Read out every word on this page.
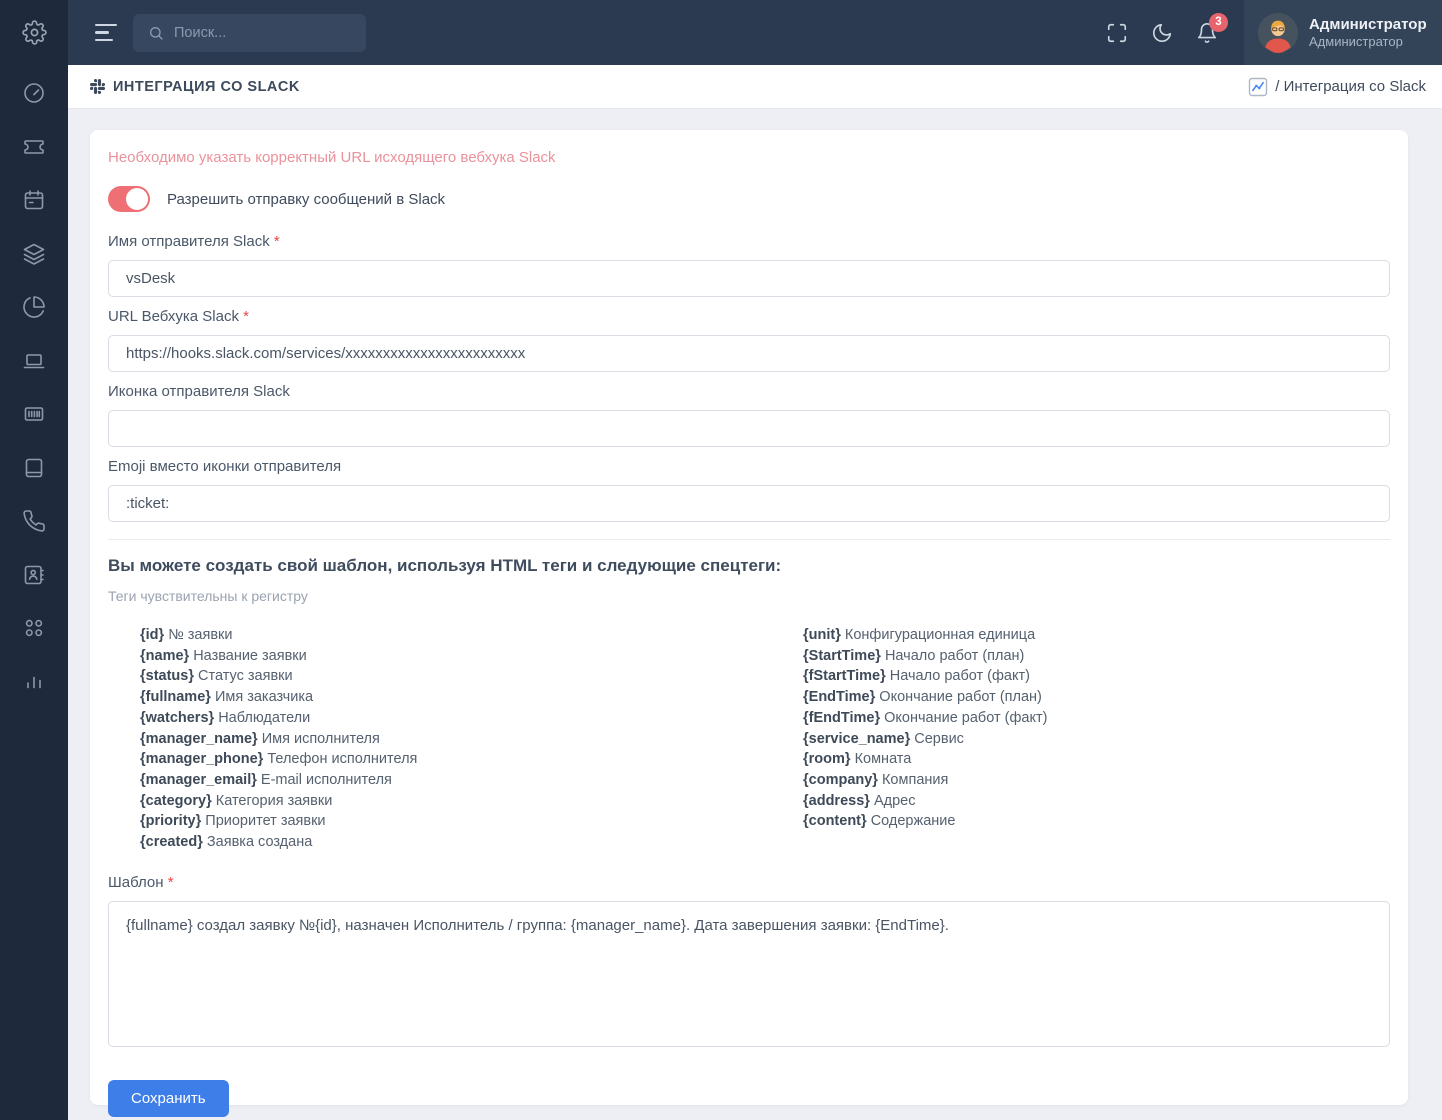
Поиск...
3	Администратор
Администратор
ИНТЕГРАЦИЯ СО SLACK	/ Интеграция со Slack
Необходимо указать корректный URL исходящего вебхука Slack
Разрешить отправку сообщений в Slack
Имя отправителя Slack *
vsDesk
URL Вебхука Slack *
https://hooks.slack.com/services/xxxxxxxxxxxxxxxxxxxxxxxx
Иконка отправителя Slack
Emoji вместо иконки отправителя
:ticket:
Вы можете создать свой шаблон, используя HTML теги и следующие спецтеги:
Теги чувствительны к регистру
{id} № заявки
{name} Название заявки
{status} Статус заявки
{fullname} Имя заказчика
{watchers} Наблюдатели
{manager_name} Имя исполнителя
{manager_phone} Телефон исполнителя
{manager_email} E-mail исполнителя
{category} Категория заявки
{priority} Приоритет заявки
{created} Заявка создана
{unit} Конфигурационная единица
{StartTime} Начало работ (план)
{fStartTime} Начало работ (факт)
{EndTime} Окончание работ (план)
{fEndTime} Окончание работ (факт)
{service_name} Сервис
{room} Комната
{company} Компания
{address} Адрес
{content} Содержание
Шаблон *
{fullname} создал заявку №{id}, назначен Исполнитель / группа: {manager_name}. Дата завершения заявки: {EndTime}. Сохранить
